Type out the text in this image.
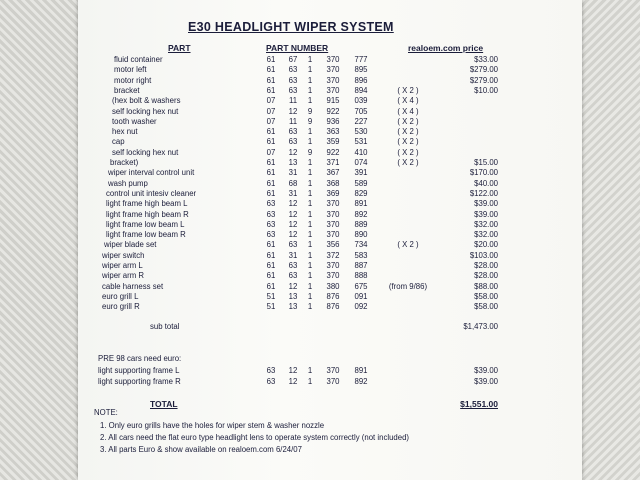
E30 HEADLIGHT WIPER SYSTEM
PART	PART NUMBER	realoem.com price
fluid container	61	67	1	370	777	$33.00
motor left	61	63	1	370	895	$279.00
motor right	61	63	1	370	896	$279.00
bracket	61	63	1	370	894	( X 2 )	$10.00
(hex bolt & washers	07	11	1	915	039	( X 4 )
self locking hex nut	07	12	9	922	705	( X 4 )
tooth washer	07	11	9	936	227	( X 2 )
hex nut	61	63	1	363	530	( X 2 )
cap	61	63	1	359	531	( X 2 )
self locking hex nut	07	12	9	922	410	( X 2 )
bracket)	61	13	1	371	074	( X 2 )	$15.00
wiper interval control unit	61	31	1	367	391	$170.00
wash pump	61	68	1	368	589	$40.00
control unit intesiv cleaner	61	31	1	369	829	$122.00
light frame high beam L	63	12	1	370	891	$39.00
light frame high beam R	63	12	1	370	892	$39.00
light frame low beam L	63	12	1	370	889	$32.00
light frame low beam R	63	12	1	370	890	$32.00
wiper blade set	61	63	1	356	734	( X 2 )	$20.00
wiper switch	61	31	1	372	583	$103.00
wiper arm L	61	63	1	370	887	$28.00
wiper arm R	61	63	1	370	888	$28.00
cable harness set	61	12	1	380	675	(from 9/86)	$88.00
euro grill L	51	13	1	876	091	$58.00
euro grill R	51	13	1	876	092	$58.00
sub total	$1,473.00
PRE 98 cars need euro:
light supporting frame L	63	12	1	370	891	$39.00
light supporting frame R	63	12	1	370	892	$39.00
TOTAL	$1,551.00
NOTE:
1. Only euro grills have the holes for wiper stem & washer nozzle
2. All cars need the flat euro type headlight lens to operate system correctly (not included)
3. All parts Euro & show available on realoem.com 6/24/07
